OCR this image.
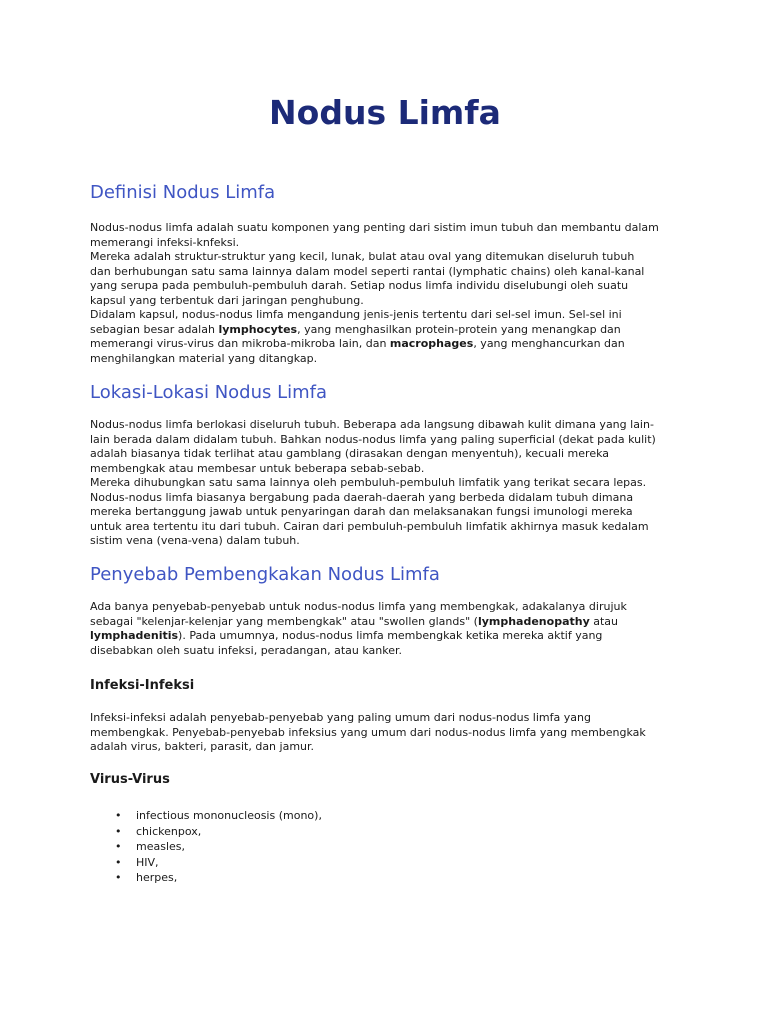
Nodus Limfa
Definisi Nodus Limfa

Nodus-nodus limfa adalah suatu komponen yang penting dari sistim imun tubuh dan membantu dalam
memerangi infeksi-knfeksi.

Mereka adalah struktur-struktur yang kecil, lunak, bulat atau oval yang ditemukan diseluruh tubuh
dan berhubungan satu sama lainnya dalam model seperti rantai (lymphatic chains) oleh kanal-kanal
yang serupa pada pembuluh-pembuluh darah. Setiap nodus limfa individu diselubungi oleh suatu
kapsul yang terbentuk dari jaringan penghubung.

Didalam kapsul, nodus-nodus limfa mengandung jenis-jenis tertentu dari sel-sel imun. Sel-sel ini
sebagian besar adalah lymphocytes, yang menghasilkan protein-protein yang menangkap dan
memerangi virus-virus dan mikroba-mikroba lain, dan macrophages, yang menghancurkan dan
menghilangkan material yang ditangkap.

Lokasi-Lokasi Nodus Limfa

Nodus-nodus limfa berlokasi diseluruh tubuh. Beberapa ada langsung dibawah kulit dimana yang lain-
lain berada dalam didalam tubuh. Bahkan nodus-nodus limfa yang paling superficial (dekat pada kulit)
adalah biasanya tidak terlihat atau gamblang (dirasakan dengan menyentuh), kecuali mereka
membengkak atau membesar untuk beberapa sebab-sebab.

Mereka dihubungkan satu sama lainnya oleh pembuluh-pembuluh limfatik yang terikat secara lepas.
Nodus-nodus limfa biasanya bergabung pada daerah-daerah yang berbeda didalam tubuh dimana
mereka bertanggung jawab untuk penyaringan darah dan melaksanakan fungsi imunologi mereka
untuk area tertentu itu dari tubuh. Cairan dari pembuluh-pembuluh limfatik akhirnya masuk kedalam
sistim vena (vena-vena) dalam tubuh.

Penyebab Pembengkakan Nodus Limfa

Ada banya penyebab-penyebab untuk nodus-nodus limfa yang membengkak, adakalanya dirujuk
sebagai "kelenjar-kelenjar yang membengkak" atau "swollen glands" (lymphadenopathy atau
lymphadenitis). Pada umumnya, nodus-nodus limfa membengkak ketika mereka aktif yang
disebabkan oleh suatu infeksi, peradangan, atau kanker.

Infeksi-Infeksi

Infeksi-infeksi adalah penyebab-penyebab yang paling umum dari nodus-nodus limfa yang
membengkak. Penyebab-penyebab infeksius yang umum dari nodus-nodus limfa yang membengkak
adalah virus, bakteri, parasit, dan jamur.

Virus-Virus
• infectious mononucleosis (mono),
• chickenpox,
• measles,
• HIV,
• herpes,
